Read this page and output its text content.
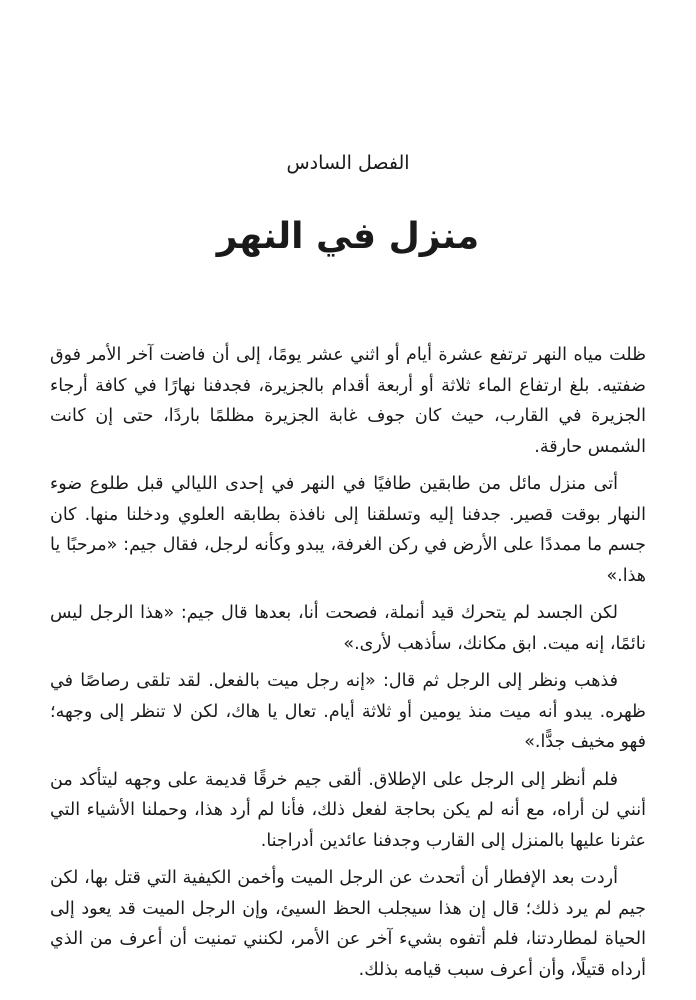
الفصل السادس

منزل في النهر

ظلت مياه النهر ترتفع عشرة أيام أو اثني عشر يومًا، إلى أن فاضت آخر الأمر فوق ضفتيه. بلغ ارتفاع الماء ثلاثة أو أربعة أقدام بالجزيرة، فجدفنا نهارًا في كافة أرجاء الجزيرة في القارب، حيث كان جوف غابة الجزيرة مظلمًا باردًا، حتى إن كانت الشمس حارقة.

أتى منزل مائل من طابقين طافيًا في النهر في إحدى الليالي قبل طلوع ضوء النهار بوقت قصير. جدفنا إليه وتسلقنا إلى نافذة بطابقه العلوي ودخلنا منها. كان جسم ما ممددًا على الأرض في ركن الغرفة، يبدو وكأنه لرجل، فقال جيم: «مرحبًا يا هذا.»

لكن الجسد لم يتحرك قيد أنملة، فصحت أنا، بعدها قال جيم: «هذا الرجل ليس نائمًا، إنه ميت. ابق مكانك، سأذهب لأرى.»

فذهب ونظر إلى الرجل ثم قال: «إنه رجل ميت بالفعل. لقد تلقى رصاصًا في ظهره. يبدو أنه ميت منذ يومين أو ثلاثة أيام. تعال يا هاك، لكن لا تنظر إلى وجهه؛ فهو مخيف جدًّا.»

فلم أنظر إلى الرجل على الإطلاق. ألقى جيم خرقًا قديمة على وجهه ليتأكد من أنني لن أراه، مع أنه لم يكن بحاجة لفعل ذلك، فأنا لم أرد هذا، وحملنا الأشياء التي عثرنا عليها بالمنزل إلى القارب وجدفنا عائدين أدراجنا.

أردت بعد الإفطار أن أتحدث عن الرجل الميت وأخمن الكيفية التي قتل بها، لكن جيم لم يرد ذلك؛ قال إن هذا سيجلب الحظ السيئ، وإن الرجل الميت قد يعود إلى الحياة لمطاردتنا، فلم أتفوه بشيء آخر عن الأمر، لكنني تمنيت أن أعرف من الذي أرداه قتيلًا، وأن أعرف سبب قيامه بذلك.
